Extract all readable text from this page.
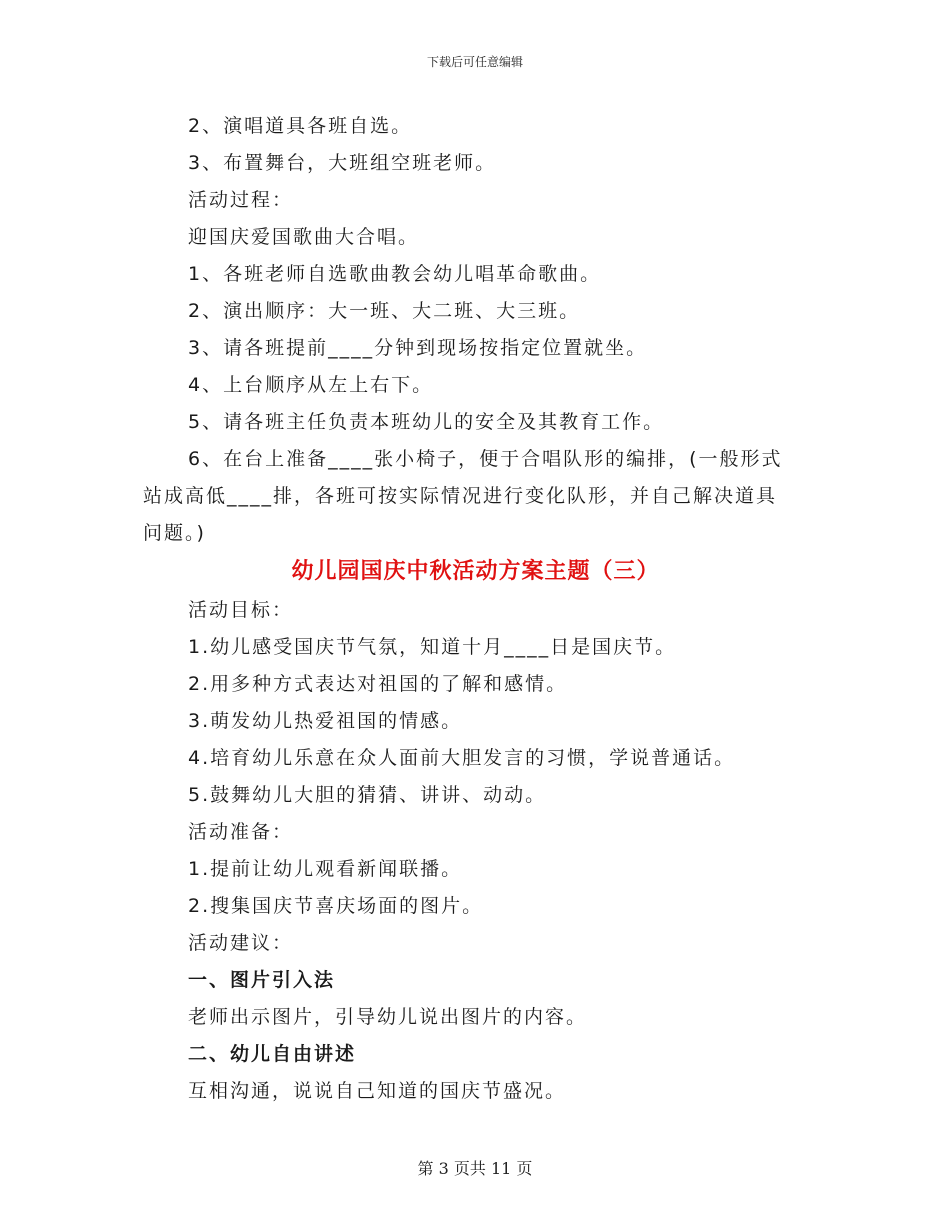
下载后可任意编辑
2、演唱道具各班自选。
3、布置舞台，大班组空班老师。
活动过程：
迎国庆爱国歌曲大合唱。
1、各班老师自选歌曲教会幼儿唱革命歌曲。
2、演出顺序：大一班、大二班、大三班。
3、请各班提前____分钟到现场按指定位置就坐。
4、上台顺序从左上右下。
5、请各班主任负责本班幼儿的安全及其教育工作。
6、在台上准备____张小椅子，便于合唱队形的编排，(一般形式
站成高低____排，各班可按实际情况进行变化队形，并自己解决道具
问题。)
幼儿园国庆中秋活动方案主题（三）
活动目标：
1.幼儿感受国庆节气氛，知道十月____日是国庆节。
2.用多种方式表达对祖国的了解和感情。
3.萌发幼儿热爱祖国的情感。
4.培育幼儿乐意在众人面前大胆发言的习惯，学说普通话。
5.鼓舞幼儿大胆的猜猜、讲讲、动动。
活动准备：
1.提前让幼儿观看新闻联播。
2.搜集国庆节喜庆场面的图片。
活动建议：
一、图片引入法
老师出示图片，引导幼儿说出图片的内容。
二、幼儿自由讲述
互相沟通，说说自己知道的国庆节盛况。
第 3 页共 11 页
